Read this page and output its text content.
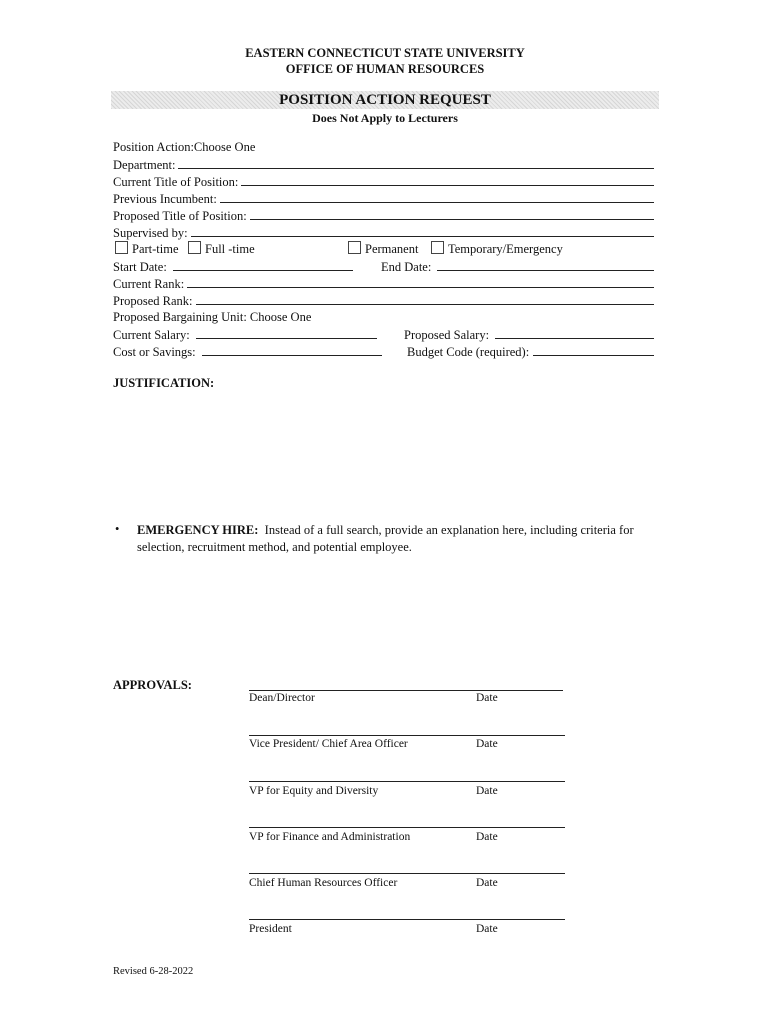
EASTERN CONNECTICUT STATE UNIVERSITY
OFFICE OF HUMAN RESOURCES
POSITION ACTION REQUEST
Does Not Apply to Lecturers
Position Action:Choose One
Department:
Current Title of Position:
Previous Incumbent:
Proposed Title of Position:
Supervised by:
Part-time	Full -time	Permanent	Temporary/Emergency
Start Date:	End Date:
Current Rank:
Proposed Rank:
Proposed Bargaining Unit: Choose One
Current Salary:	Proposed Salary:
Cost or Savings:	Budget Code (required):
JUSTIFICATION:
• EMERGENCY HIRE: Instead of a full search, provide an explanation here, including criteria for
selection, recruitment method, and potential employee.
APPROVALS:
Dean/Director	Date
Vice President/ Chief Area Officer	Date
VP for Equity and Diversity	Date
VP for Finance and Administration	Date
Chief Human Resources Officer	Date
President	Date
Revised 6-28-2022
